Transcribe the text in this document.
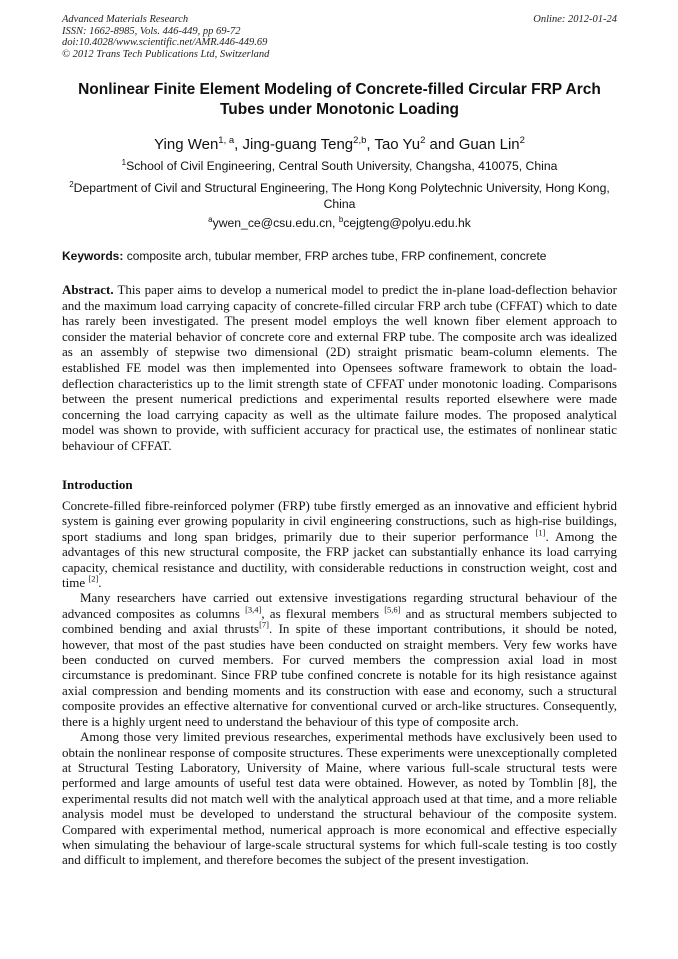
Advanced Materials Research
ISSN: 1662-8985, Vols. 446-449, pp 69-72
doi:10.4028/www.scientific.net/AMR.446-449.69
© 2012 Trans Tech Publications Ltd, Switzerland
Online: 2012-01-24
Nonlinear Finite Element Modeling of Concrete-filled Circular FRP Arch Tubes under Monotonic Loading
Ying Wen$^{1, a}$, Jing-guang Teng$^{2,b}$, Tao Yu$^2$ and Guan Lin$^2$
$^1$School of Civil Engineering, Central South University, Changsha, 410075, China
$^2$Department of Civil and Structural Engineering, The Hong Kong Polytechnic University, Hong Kong, China
$^a$ywen_ce@csu.edu.cn, $^b$cejgteng@polyu.edu.hk
Keywords: composite arch, tubular member, FRP arches tube, FRP confinement, concrete
Abstract. This paper aims to develop a numerical model to predict the in-plane load-deflection behavior and the maximum load carrying capacity of concrete-filled circular FRP arch tube (CFFAT) which to date has rarely been investigated. The present model employs the well known fiber element approach to consider the material behavior of concrete core and external FRP tube. The composite arch was idealized as an assembly of stepwise two dimensional (2D) straight prismatic beam-column elements. The established FE model was then implemented into Opensees software framework to obtain the load-deflection characteristics up to the limit strength state of CFFAT under monotonic loading. Comparisons between the present numerical predictions and experimental results reported elsewhere were made concerning the load carrying capacity as well as the ultimate failure modes. The proposed analytical model was shown to provide, with sufficient accuracy for practical use, the estimates of nonlinear static behaviour of CFFAT.
Introduction

Concrete-filled fibre-reinforced polymer (FRP) tube firstly emerged as an innovative and efficient hybrid system is gaining ever growing popularity in civil engineering constructions, such as high-rise buildings, sport stadiums and long span bridges, primarily due to their superior performance [1]. Among the advantages of this new structural composite, the FRP jacket can substantially enhance its load carrying capacity, chemical resistance and ductility, with considerable reductions in construction weight, cost and time [2].

Many researchers have carried out extensive investigations regarding structural behaviour of the advanced composites as columns [3,4], as flexural members [5,6] and as structural members subjected to combined bending and axial thrusts[7]. In spite of these important contributions, it should be noted, however, that most of the past studies have been conducted on straight members. Very few works have been conducted on curved members. For curved members the compression axial load in most circumstance is predominant. Since FRP tube confined concrete is notable for its high resistance against axial compression and bending moments and its construction with ease and economy, such a structural composite provides an effective alternative for conventional curved or arch-like structures. Consequently, there is a highly urgent need to understand the behaviour of this type of composite arch.

Among those very limited previous researches, experimental methods have exclusively been used to obtain the nonlinear response of composite structures. These experiments were unexceptionally completed at Structural Testing Laboratory, University of Maine, where various full-scale structural tests were performed and large amounts of useful test data were obtained. However, as noted by Tomblin [8], the experimental results did not match well with the analytical approach used at that time, and a more reliable analysis model must be developed to understand the structural behaviour of the composite system. Compared with experimental method, numerical approach is more economical and effective especially when simulating the behaviour of large-scale structural systems for which full-scale testing is too costly and difficult to implement, and therefore becomes the subject of the present investigation.
